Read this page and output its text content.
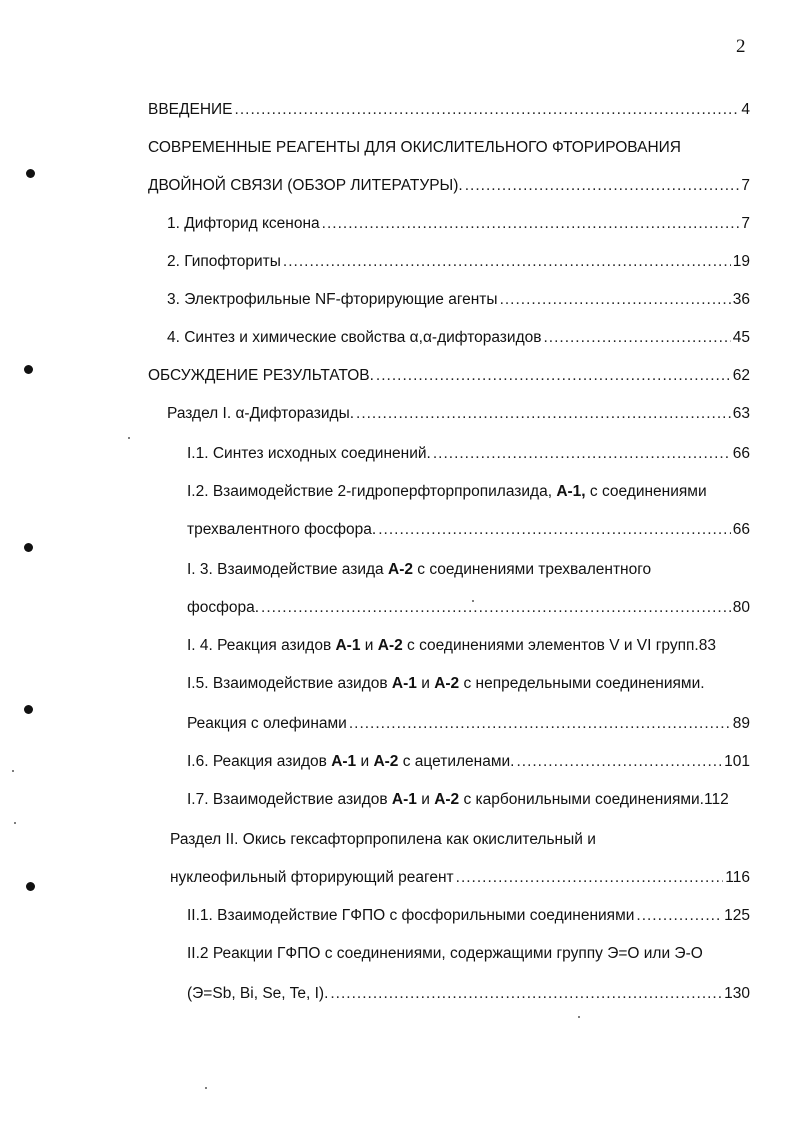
2
ВВЕДЕНИЕ .....	4
СОВРЕМЕННЫЕ РЕАГЕНТЫ ДЛЯ ОКИСЛИТЕЛЬНОГО ФТОРИРОВАНИЯ
ДВОЙНОЙ СВЯЗИ (ОБЗОР ЛИТЕРАТУРЫ). .....	7
1. Дифторид ксенона .....	7
2. Гипофториты .....	19
3. Электрофильные NF-фторирующие агенты .....	36
4. Синтез и химические свойства α,α-дифторазидов .....	45
ОБСУЖДЕНИЕ РЕЗУЛЬТАТОВ. .....	62
Раздел I. α-Дифторазиды. .....	63
I.1. Синтез исходных соединений. .....	66
I.2. Взаимодействие 2-гидроперфторпропилазида, А-1, с соединениями
трехвалентного фосфора. .....	66
I. 3. Взаимодействие азида А-2 с соединениями трехвалентного
фосфора. .....	80
I. 4. Реакция азидов А-1 и А-2 с соединениями элементов V и VI групп. 83
I.5. Взаимодействие азидов А-1 и А-2 с непредельными соединениями.
Реакция с олефинами .....	89
I.6. Реакция азидов А-1 и А-2 с ацетиленами. .....	101
I.7. Взаимодействие азидов А-1 и А-2 с карбонильными соединениями. 112
Раздел II. Окись гексафторпропилена как окислительный и
нуклеофильный фторирующий реагент .....	116
II.1. Взаимодействие ГФПО с фосфорильными соединениями .....	125
II.2 Реакции ГФПО с соединениями, содержащими группу Э=О или Э-О
(Э=Sb, Bi, Se, Te, I). .....	130
